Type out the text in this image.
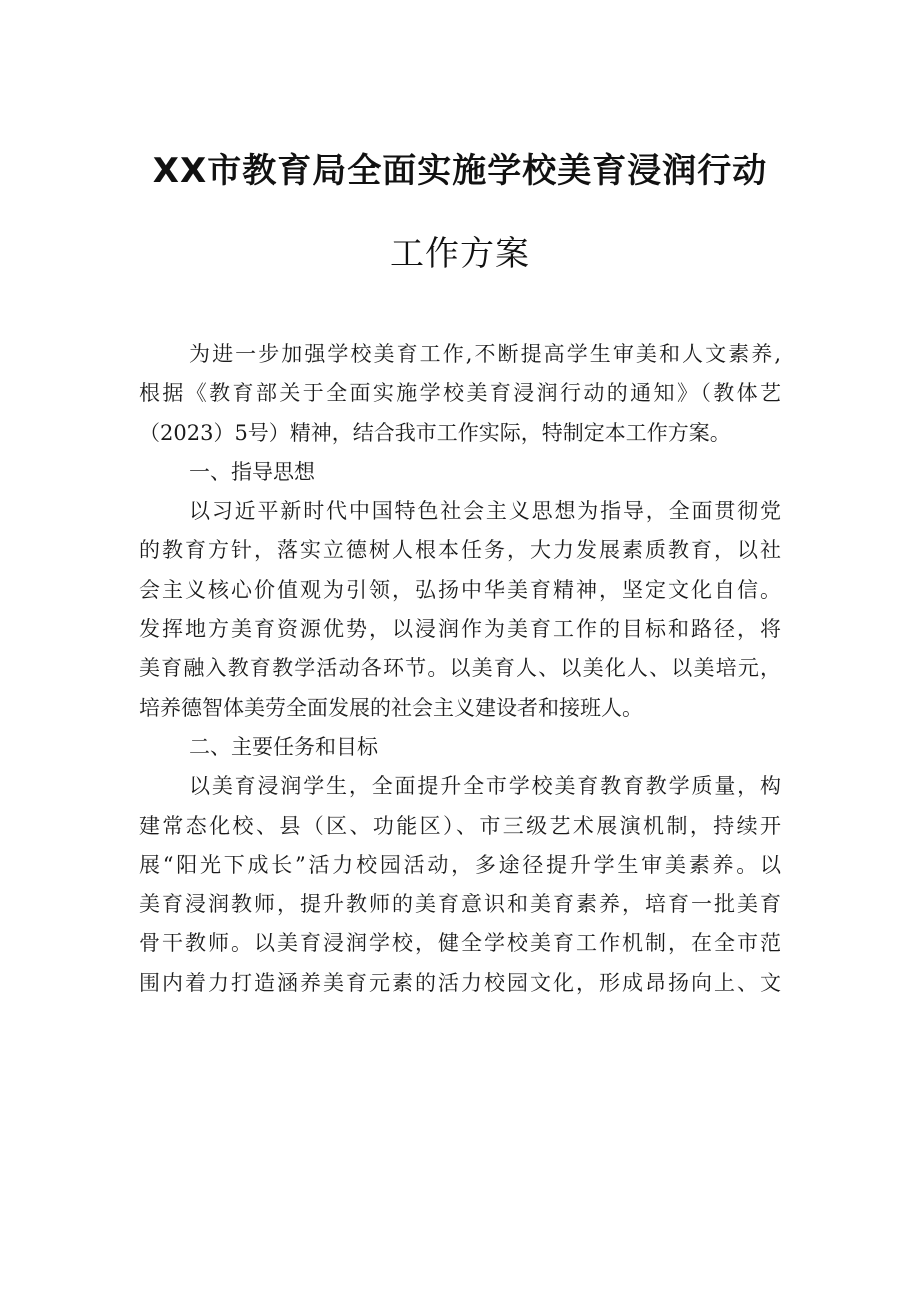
XX市教育局全面实施学校美育浸润行动
工作方案
为进一步加强学校美育工作,不断提高学生审美和人文素养,
根据《教育部关于全面实施学校美育浸润行动的通知》（教体艺
（2023）5号）精神，结合我市工作实际，特制定本工作方案。
一、指导思想
以习近平新时代中国特色社会主义思想为指导，全面贯彻党
的教育方针，落实立德树人根本任务，大力发展素质教育，以社
会主义核心价值观为引领，弘扬中华美育精神，坚定文化自信。
发挥地方美育资源优势，以浸润作为美育工作的目标和路径，将
美育融入教育教学活动各环节。以美育人、以美化人、以美培元，
培养德智体美劳全面发展的社会主义建设者和接班人。
二、主要任务和目标
以美育浸润学生，全面提升全市学校美育教育教学质量，构
建常态化校、县（区、功能区）、市三级艺术展演机制，持续开
展“阳光下成长”活力校园活动，多途径提升学生审美素养。以
美育浸润教师，提升教师的美育意识和美育素养，培育一批美育
骨干教师。以美育浸润学校，健全学校美育工作机制，在全市范
围内着力打造涵养美育元素的活力校园文化，形成昂扬向上、文
